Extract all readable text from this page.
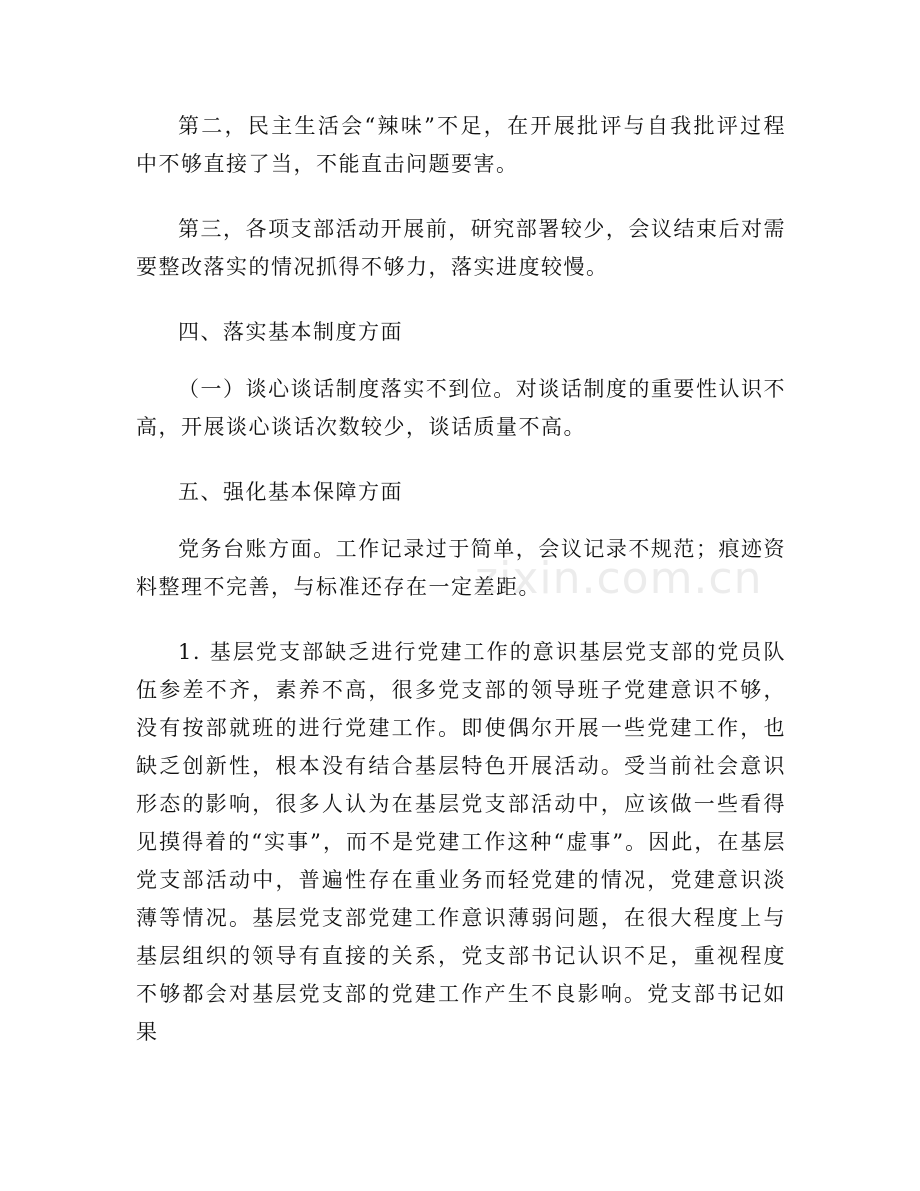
第二，民主生活会“辣味”不足，在开展批评与自我批评过程中不够直接了当，不能直击问题要害。

第三，各项支部活动开展前，研究部署较少，会议结束后对需要整改落实的情况抓得不够力，落实进度较慢。

四、落实基本制度方面

（一）谈心谈话制度落实不到位。对谈话制度的重要性认识不高，开展谈心谈话次数较少，谈话质量不高。

五、强化基本保障方面

党务台账方面。工作记录过于简单，会议记录不规范；痕迹资料整理不完善，与标准还存在一定差距。

1. 基层党支部缺乏进行党建工作的意识基层党支部的党员队伍参差不齐，素养不高，很多党支部的领导班子党建意识不够，没有按部就班的进行党建工作。即使偶尔开展一些党建工作，也缺乏创新性，根本没有结合基层特色开展活动。受当前社会意识形态的影响，很多人认为在基层党支部活动中，应该做一些看得见摸得着的“实事”，而不是党建工作这种“虚事”。因此，在基层党支部活动中，普遍性存在重业务而轻党建的情况，党建意识淡薄等情况。基层党支部党建工作意识薄弱问题，在很大程度上与基层组织的领导有直接的关系，党支部书记认识不足，重视程度不够都会对基层党支部的党建工作产生不良影响。党支部书记如果

zixin.com.cn
